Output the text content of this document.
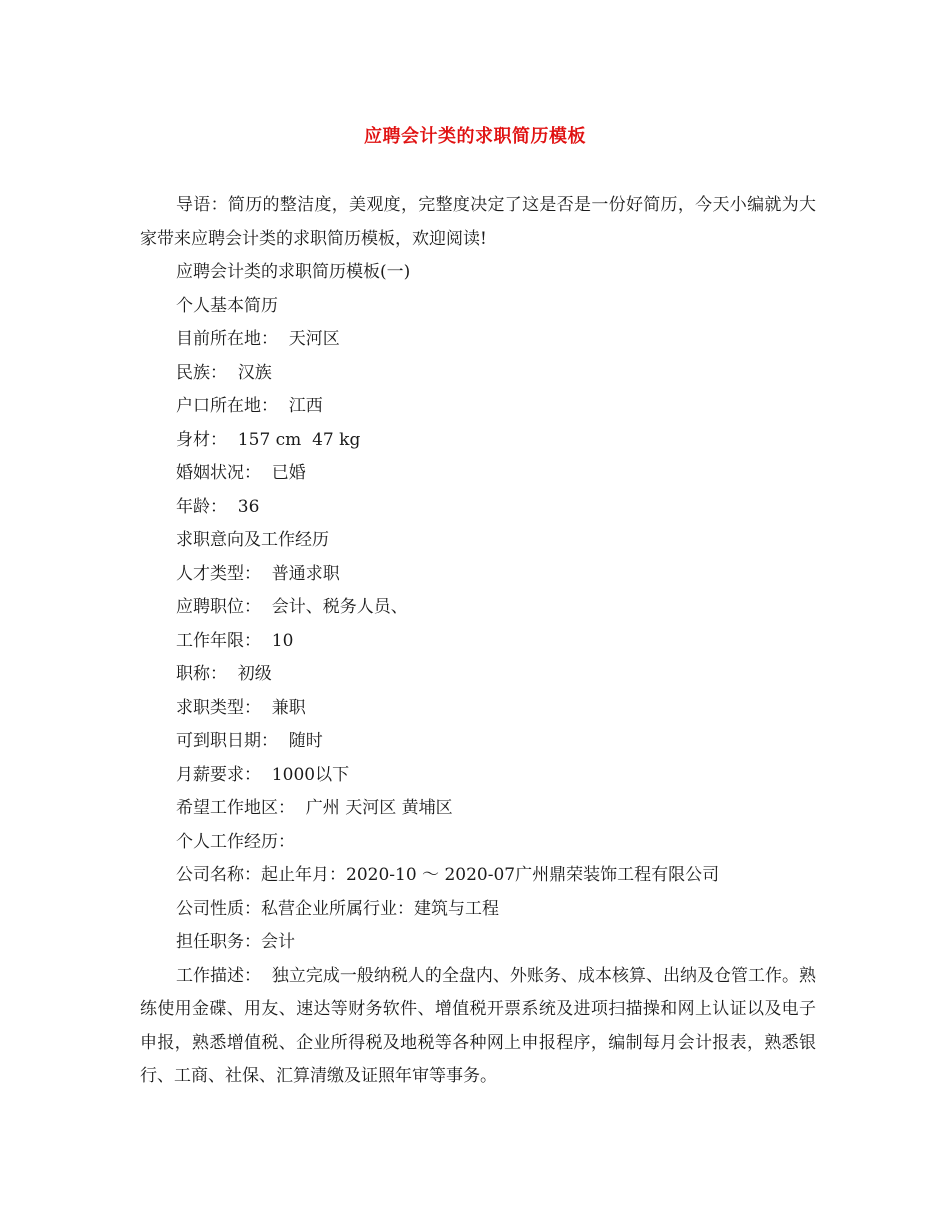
应聘会计类的求职简历模板

导语：简历的整洁度，美观度，完整度决定了这是否是一份好简历，今天小编就为大家带来应聘会计类的求职简历模板，欢迎阅读!

应聘会计类的求职简历模板(一)

个人基本简历

目前所在地：  天河区

民族：  汉族

户口所在地：  江西

身材：  157 cm  47 kg

婚姻状况：  已婚

年龄：  36

求职意向及工作经历

人才类型：  普通求职

应聘职位：  会计、税务人员、

工作年限：  10

职称：  初级

求职类型：  兼职

可到职日期：  随时

月薪要求：  1000以下

希望工作地区：  广州 天河区 黄埔区

个人工作经历：

公司名称：起止年月：2020-10 ～ 2020-07广州鼎荣装饰工程有限公司

公司性质：私营企业所属行业：建筑与工程

担任职务：会计

工作描述：  独立完成一般纳税人的全盘内、外账务、成本核算、出纳及仓管工作。熟练使用金碟、用友、速达等财务软件、增值税开票系统及进项扫描操和网上认证以及电子申报，熟悉增值税、企业所得税及地税等各种网上申报程序，编制每月会计报表，熟悉银行、工商、社保、汇算清缴及证照年审等事务。
